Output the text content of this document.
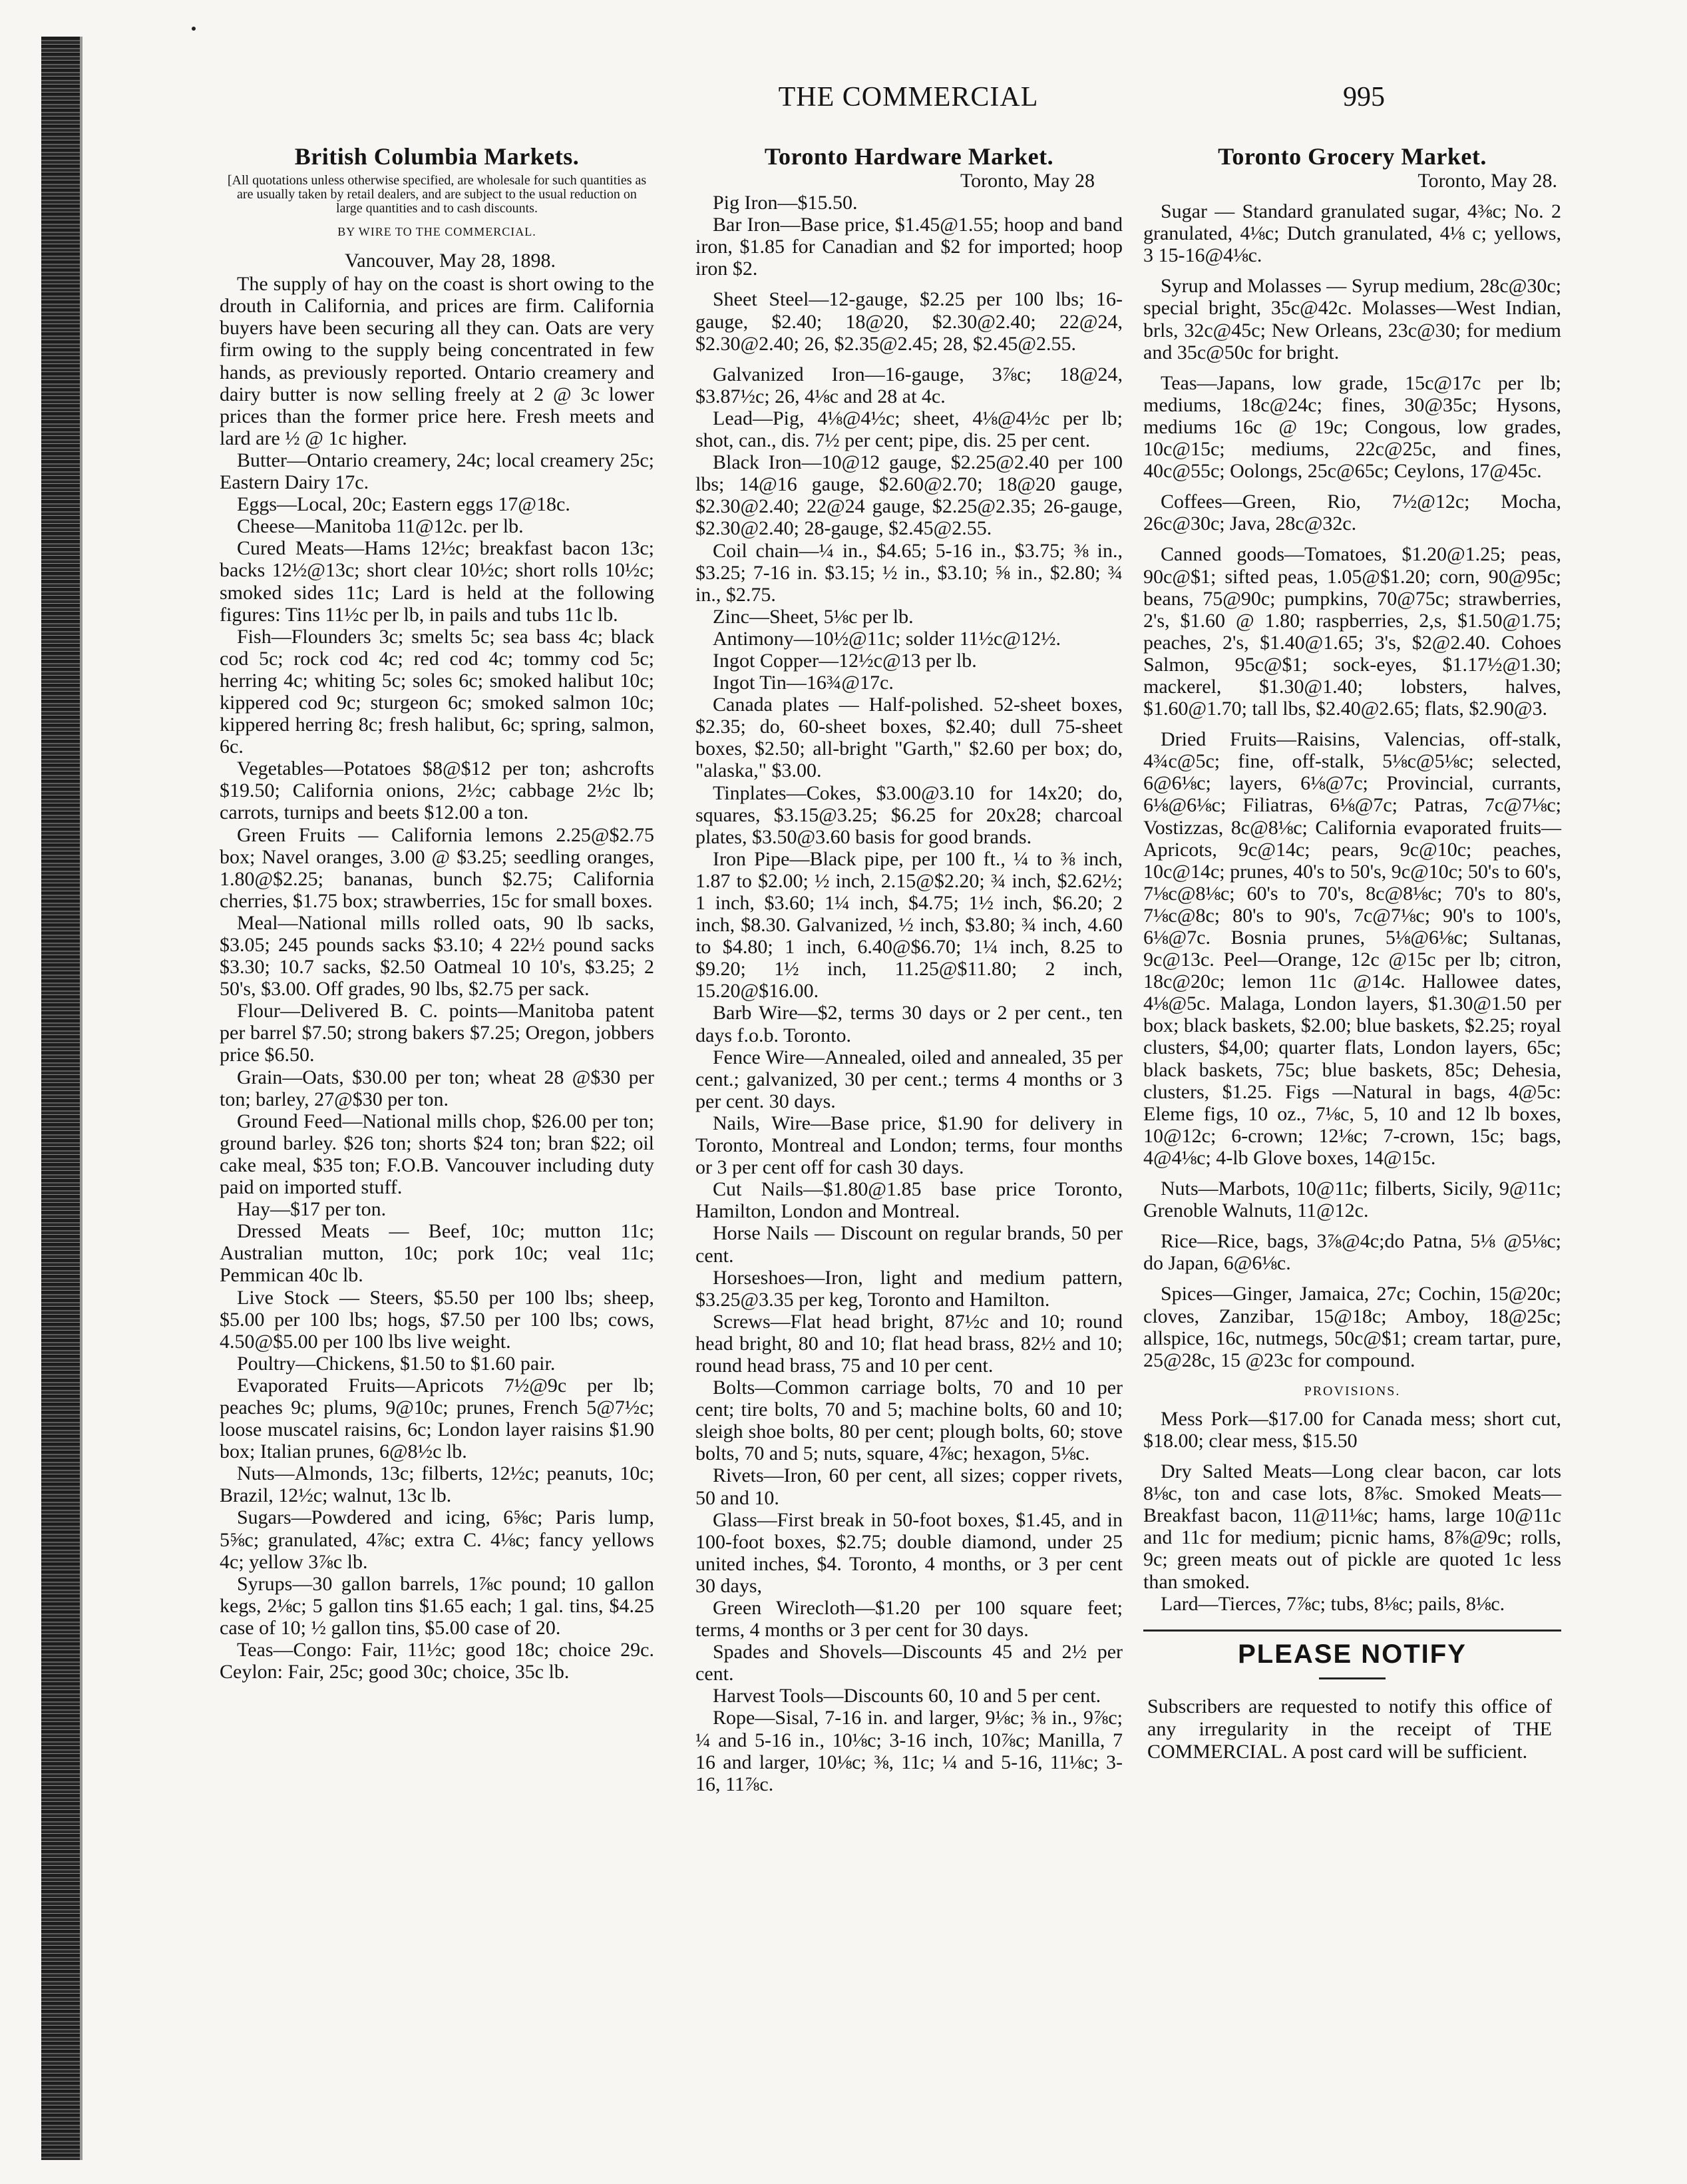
THE COMMERCIAL	995
British Columbia Markets.
[All quotations unless otherwise specified, are wholesale for such quantities as are usually taken by retail dealers, and are subject to the usual reduction on large quantities and to cash discounts.
BY WIRE TO THE COMMERCIAL.
Vancouver, May 28, 1898.

The supply of hay on the coast is short owing to the drouth in California, and prices are firm. California buyers have been securing all they can. Oats are very firm owing to the supply being concentrated in few hands, as previously reported. Ontario creamery and dairy butter is now selling freely at 2 @ 3c lower prices than the former price here. Fresh meets and lard are ½ @ 1c higher.

Butter—Ontario creamery, 24c; local creamery 25c; Eastern Dairy 17c.

Eggs—Local, 20c; Eastern eggs 17@18c.

Cheese—Manitoba 11@12c. per lb.

Cured Meats—Hams 12½c; breakfast bacon 13c; backs 12½@13c; short clear 10½c; short rolls 10½c; smoked sides 11c; Lard is held at the following figures: Tins 11½c per lb, in pails and tubs 11c lb.

Fish—Flounders 3c; smelts 5c; sea bass 4c; black cod 5c; rock cod 4c; red cod 4c; tommy cod 5c; herring 4c; whiting 5c; soles 6c; smoked halibut 10c; kippered cod 9c; sturgeon 6c; smoked salmon 10c; kippered herring 8c; fresh halibut, 6c; spring, salmon, 6c.

Vegetables—Potatoes $8@$12 per ton; ashcrofts $19.50; California onions, 2½c; cabbage 2½c lb; carrots, turnips and beets $12.00 a ton.

Green Fruits — California lemons 2.25@$2.75 box; Navel oranges, 3.00 @ $3.25; seedling oranges, 1.80@$2.25; bananas, bunch $2.75; California cherries, $1.75 box; strawberries, 15c for small boxes.

Meal—National mills rolled oats, 90 lb sacks, $3.05; 245 pounds sacks $3.10; 4 22½ pound sacks $3.30; 10.7 sacks, $2.50 Oatmeal 10 10's, $3.25; 2 50's, $3.00. Off grades, 90 lbs, $2.75 per sack.

Flour—Delivered B. C. points—Manitoba patent per barrel $7.50; strong bakers $7.25; Oregon, jobbers price $6.50.

Grain—Oats, $30.00 per ton; wheat 28 @$30 per ton; barley, 27@$30 per ton.

Ground Feed—National mills chop, $26.00 per ton; ground barley. $26 ton; shorts $24 ton; bran $22; oil cake meal, $35 ton; F.O.B. Vancouver including duty paid on imported stuff.

Hay—$17 per ton.

Dressed Meats — Beef, 10c; mutton 11c; Australian mutton, 10c; pork 10c; veal 11c; Pemmican 40c lb.

Live Stock — Steers, $5.50 per 100 lbs; sheep, $5.00 per 100 lbs; hogs, $7.50 per 100 lbs; cows, 4.50@$5.00 per 100 lbs live weight.

Poultry—Chickens, $1.50 to $1.60 pair.

Evaporated Fruits—Apricots 7½@9c per lb; peaches 9c; plums, 9@10c; prunes, French 5@7½c; loose muscatel raisins, 6c; London layer raisins $1.90 box; Italian prunes, 6@8½c lb.

Nuts—Almonds, 13c; filberts, 12½c; peanuts, 10c; Brazil, 12½c; walnut, 13c lb.

Sugars—Powdered and icing, 6⅝c; Paris lump, 5⅝c; granulated, 4⅞c; extra C. 4⅛c; fancy yellows 4c; yellow 3⅞c lb.

Syrups—30 gallon barrels, 1⅞c pound; 10 gallon kegs, 2⅛c; 5 gallon tins $1.65 each; 1 gal. tins, $4.25 case of 10; ½ gallon tins, $5.00 case of 20.

Teas—Congo: Fair, 11½c; good 18c; choice 29c. Ceylon: Fair, 25c; good 30c; choice, 35c lb.

Toronto Hardware Market.
Toronto, May 28

Pig Iron—$15.50.

Bar Iron—Base price, $1.45@1.55; hoop and band iron, $1.85 for Canadian and $2 for imported; hoop iron $2.

Sheet Steel—12-gauge, $2.25 per 100 lbs; 16-gauge, $2.40; 18@20, $2.30@2.40; 22@24, $2.30@2.40; 26, $2.35@2.45; 28, $2.45@2.55.

Galvanized Iron—16-gauge, 3⅞c; 18@24, $3.87½c; 26, 4⅛c and 28 at 4c.

Lead—Pig, 4⅛@4½c; sheet, 4⅛@4½c per lb; shot, can., dis. 7½ per cent; pipe, dis. 25 per cent.

Black Iron—10@12 gauge, $2.25@2.40 per 100 lbs; 14@16 gauge, $2.60@2.70; 18@20 gauge, $2.30@2.40; 22@24 gauge, $2.25@2.35; 26-gauge, $2.30@2.40; 28-gauge, $2.45@2.55.

Coil chain—¼ in., $4.65; 5-16 in., $3.75; ⅜ in., $3.25; 7-16 in. $3.15; ½ in., $3.10; ⅝ in., $2.80; ¾ in., $2.75.

Zinc—Sheet, 5⅛c per lb.

Antimony—10½@11c; solder 11½c@12½.

Ingot Copper—12½c@13 per lb.

Ingot Tin—16¾@17c.

Canada plates — Half-polished. 52-sheet boxes, $2.35; do, 60-sheet boxes, $2.40; dull 75-sheet boxes, $2.50; all-bright "Garth," $2.60 per box; do, "alaska," $3.00.

Tinplates—Cokes, $3.00@3.10 for 14x20; do, squares, $3.15@3.25; $6.25 for 20x28; charcoal plates, $3.50@3.60 basis for good brands.

Iron Pipe—Black pipe, per 100 ft., ¼ to ⅜ inch, 1.87 to $2.00; ½ inch, 2.15@$2.20; ¾ inch, $2.62½; 1 inch, $3.60; 1¼ inch, $4.75; 1½ inch, $6.20; 2 inch, $8.30. Galvanized, ½ inch, $3.80; ¾ inch, 4.60 to $4.80; 1 inch, 6.40@$6.70; 1¼ inch, 8.25 to $9.20; 1½ inch, 11.25@$11.80; 2 inch, 15.20@$16.00.

Barb Wire—$2, terms 30 days or 2 per cent., ten days f.o.b. Toronto.

Fence Wire—Annealed, oiled and annealed, 35 per cent.; galvanized, 30 per cent.; terms 4 months or 3 per cent. 30 days.

Nails, Wire—Base price, $1.90 for delivery in Toronto, Montreal and London; terms, four months or 3 per cent off for cash 30 days.

Cut Nails—$1.80@1.85 base price Toronto, Hamilton, London and Montreal.

Horse Nails — Discount on regular brands, 50 per cent.

Horseshoes—Iron, light and medium pattern, $3.25@3.35 per keg, Toronto and Hamilton.

Screws—Flat head bright, 87½c and 10; round head bright, 80 and 10; flat head brass, 82½ and 10; round head brass, 75 and 10 per cent.

Bolts—Common carriage bolts, 70 and 10 per cent; tire bolts, 70 and 5; machine bolts, 60 and 10; sleigh shoe bolts, 80 per cent; plough bolts, 60; stove bolts, 70 and 5; nuts, square, 4⅞c; hexagon, 5⅛c.

Rivets—Iron, 60 per cent, all sizes; copper rivets, 50 and 10.

Glass—First break in 50-foot boxes, $1.45, and in 100-foot boxes, $2.75; double diamond, under 25 united inches, $4. Toronto, 4 months, or 3 per cent 30 days,

Green Wirecloth—$1.20 per 100 square feet; terms, 4 months or 3 per cent for 30 days.

Spades and Shovels—Discounts 45 and 2½ per cent.

Harvest Tools—Discounts 60, 10 and 5 per cent.

Rope—Sisal, 7-16 in. and larger, 9⅛c; ⅜ in., 9⅞c; ¼ and 5-16 in., 10⅛c; 3-16 inch, 10⅞c; Manilla, 7 16 and larger, 10⅛c; ⅜, 11c; ¼ and 5-16, 11⅛c; 3-16, 11⅞c.

Toronto Grocery Market.
Toronto, May 28.

Sugar — Standard granulated sugar, 4⅜c; No. 2 granulated, 4⅛c; Dutch granulated, 4⅛ c; yellows, 3 15-16@4⅛c.

Syrup and Molasses — Syrup medium, 28c@30c; special bright, 35c@42c. Molasses—West Indian, brls, 32c@45c; New Orleans, 23c@30; for medium and 35c@50c for bright.

Teas—Japans, low grade, 15c@17c per lb; mediums, 18c@24c; fines, 30@35c; Hysons, mediums 16c @ 19c; Congous, low grades, 10c@15c; mediums, 22c@25c, and fines, 40c@55c; Oolongs, 25c@65c; Ceylons, 17@45c.

Coffees—Green, Rio, 7½@12c; Mocha, 26c@30c; Java, 28c@32c.

Canned goods—Tomatoes, $1.20@1.25; peas, 90c@$1; sifted peas, 1.05@$1.20; corn, 90@95c; beans, 75@90c; pumpkins, 70@75c; strawberries, 2's, $1.60 @ 1.80; raspberries, 2,s, $1.50@1.75; peaches, 2's, $1.40@1.65; 3's, $2@2.40. Cohoes Salmon, 95c@$1; sock-eyes, $1.17½@1.30; mackerel, $1.30@1.40; lobsters, halves, $1.60@1.70; tall lbs, $2.40@2.65; flats, $2.90@3.

Dried Fruits—Raisins, Valencias, off-stalk, 4¾c@5c; fine, off-stalk, 5⅛c@5⅛c; selected, 6@6⅛c; layers, 6⅛@7c; Provincial, currants, 6⅛@6⅛c; Filiatras, 6⅛@7c; Patras, 7c@7⅛c; Vostizzas, 8c@8⅛c; California evaporated fruits—Apricots, 9c@14c; pears, 9c@10c; peaches, 10c@14c; prunes, 40's to 50's, 9c@10c; 50's to 60's, 7⅛c@8⅛c; 60's to 70's, 8c@8⅛c; 70's to 80's, 7⅛c@8c; 80's to 90's, 7c@7⅛c; 90's to 100's, 6⅛@7c. Bosnia prunes, 5⅛@6⅛c; Sultanas, 9c@13c. Peel—Orange, 12c @15c per lb; citron, 18c@20c; lemon 11c @14c. Hallowee dates, 4⅛@5c. Malaga, London layers, $1.30@1.50 per box; black baskets, $2.00; blue baskets, $2.25; royal clusters, $4,00; quarter flats, London layers, 65c; black baskets, 75c; blue baskets, 85c; Dehesia, clusters, $1.25. Figs —Natural in bags, 4@5c: Eleme figs, 10 oz., 7⅛c, 5, 10 and 12 lb boxes, 10@12c; 6-crown; 12⅛c; 7-crown, 15c; bags, 4@4⅛c; 4-lb Glove boxes, 14@15c.

Nuts—Marbots, 10@11c; filberts, Sicily, 9@11c; Grenoble Walnuts, 11@12c.

Rice—Rice, bags, 3⅞@4c;do Patna, 5⅛ @5⅛c; do Japan, 6@6⅛c.

Spices—Ginger, Jamaica, 27c; Cochin, 15@20c; cloves, Zanzibar, 15@18c; Amboy, 18@25c; allspice, 16c, nutmegs, 50c@$1; cream tartar, pure, 25@28c, 15 @23c for compound.

PROVISIONS.

Mess Pork—$17.00 for Canada mess; short cut, $18.00; clear mess, $15.50

Dry Salted Meats—Long clear bacon, car lots 8⅛c, ton and case lots, 8⅞c. Smoked Meats—Breakfast bacon, 11@11⅛c; hams, large 10@11c and 11c for medium; picnic hams, 8⅞@9c; rolls, 9c; green meats out of pickle are quoted 1c less than smoked.

Lard—Tierces, 7⅞c; tubs, 8⅛c; pails, 8⅛c.

PLEASE NOTIFY

Subscribers are requested to notify this office of any irregularity in the receipt of THE COMMERCIAL. A post card will be sufficient.
